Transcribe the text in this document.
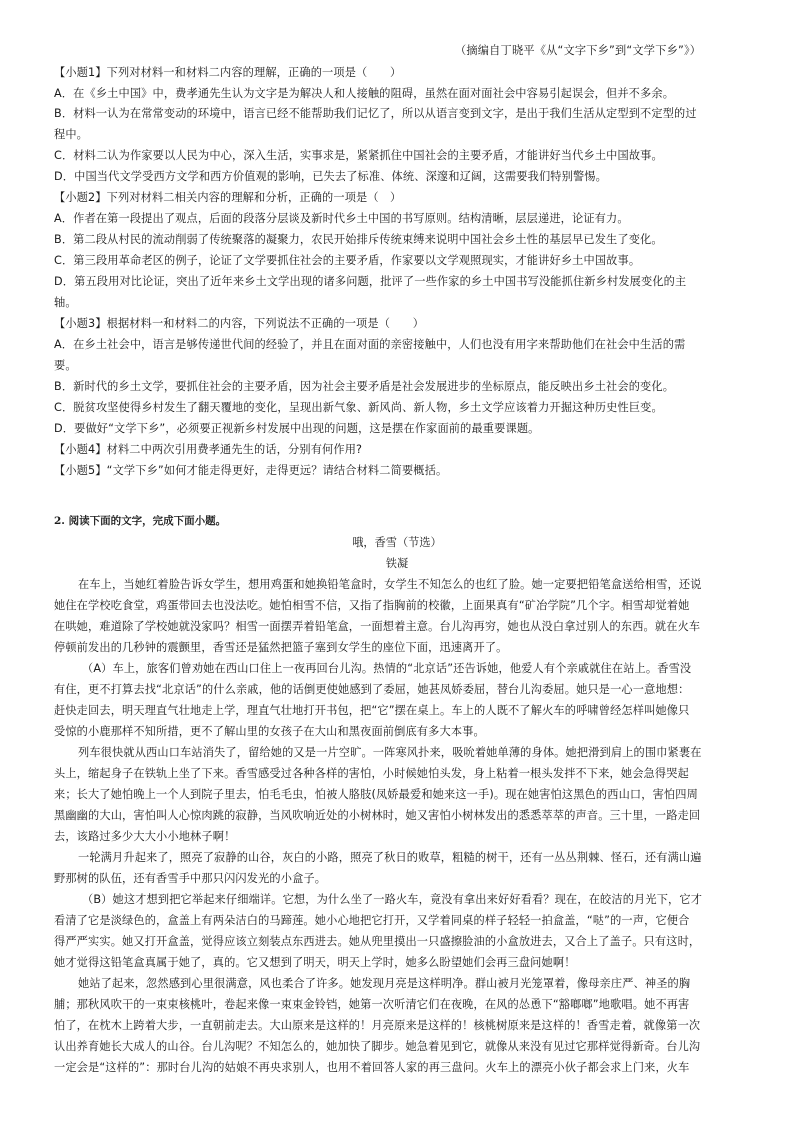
（摘编自丁晓平《从“文字下乡”到“文学下乡”》）

【小题1】下列对材料一和材料二内容的理解，正确的一项是（　　）

A．在《乡土中国》中，费孝通先生认为文字是为解决人和人接触的阻碍，虽然在面对面社会中容易引起误会，但并不多余。

B．材料一认为在常常变动的环境中，语言已经不能帮助我们记忆了，所以从语言变到文字，是出于我们生活从定型到不定型的过

程中。

C．材料二认为作家要以人民为中心，深入生活，实事求是，紧紧抓住中国社会的主要矛盾，才能讲好当代乡土中国故事。

D．中国当代文学受西方文学和西方价值观的影响，已失去了标准、体统、深邃和辽阔，这需要我们特别警惕。

【小题2】下列对材料二相关内容的理解和分析，正确的一项是（　）

A．作者在第一段提出了观点，后面的段落分层谈及新时代乡土中国的书写原则。结构清晰，层层递进，论证有力。

B．第二段从村民的流动削弱了传统聚落的凝聚力，农民开始排斥传统束缚来说明中国社会乡土性的基层早已发生了变化。

C．第三段用革命老区的例子，论证了文学要抓住社会的主要矛盾，作家要以文学观照现实，才能讲好乡土中国故事。

D．第五段用对比论证，突出了近年来乡土文学出现的诸多问题，批评了一些作家的乡土中国书写没能抓住新乡村发展变化的主

轴。

【小题3】根据材料一和材料二的内容，下列说法不正确的一项是（　　）

A．在乡土社会中，语言是够传递世代间的经验了，并且在面对面的亲密接触中，人们也没有用字来帮助他们在社会中生活的需

要。

B．新时代的乡土文学，要抓住社会的主要矛盾，因为社会主要矛盾是社会发展进步的坐标原点，能反映出乡土社会的变化。

C．脱贫攻坚使得乡村发生了翻天覆地的变化，呈现出新气象、新风尚、新人物，乡土文学应该着力开掘这种历史性巨变。

D．要做好“文学下乡”，必须要正视新乡村发展中出现的问题，这是摆在作家面前的最重要课题。

【小题4】材料二中两次引用费孝通先生的话，分别有何作用?

【小题5】“文学下乡”如何才能走得更好，走得更远？请结合材料二简要概括。

2. 阅读下面的文字，完成下面小题。

哦，香雪（节选）

铁凝

在车上，当她红着脸告诉女学生，想用鸡蛋和她换铅笔盒时，女学生不知怎么的也红了脸。她一定要把铅笔盒送给相雪，还说

她住在学校吃食堂，鸡蛋带回去也没法吃。她怕相雪不信，又指了指胸前的校徽，上面果真有“矿冶学院”几个字。相雪却觉着她

在哄她，难道除了学校她就没家吗？相雪一面摆弄着铅笔盒，一面想着主意。台儿沟再穷，她也从没白拿过别人的东西。就在火车

停顿前发出的几秒钟的震颤里，香雪还是猛然把篮子塞到女学生的座位下面，迅速离开了。

（A）车上，旅客们曾劝她在西山口住上一夜再回台儿沟。热情的“北京话”还告诉她，他爱人有个亲戚就住在站上。香雪没

有住，更不打算去找“北京话”的什么亲戚，他的话倒更使她感到了委屈，她甚凤娇委屈，替台儿沟委屈。她只是一心一意地想：

赶快走回去，明天理直气壮地走上学，理直气壮地打开书包，把“它”摆在桌上。车上的人既不了解火车的呼啸曾经怎样叫她像只

受惊的小鹿那样不知所措，更不了解山里的女孩子在大山和黑夜面前倒底有多大本事。

列车很快就从西山口车站消失了，留给她的又是一片空旷。一阵寒风扑来，吸吮着她单薄的身体。她把滑到肩上的围巾紧裹在

头上，缩起身子在铁轨上坐了下来。香雪感受过各种各样的害怕，小时候她怕头发，身上粘着一根头发拌不下来，她会急得哭起

来；长大了她怕晚上一个人到院子里去，怕毛毛虫，怕被人胳肢(凤娇最爱和她来这一手)。现在她害怕这黑色的西山口，害怕四周

黑幽幽的大山，害怕叫人心惊肉跳的寂静，当风吹响近处的小树林时，她又害怕小树林发出的悉悉萃萃的声音。三十里，一路走回

去，该路过多少大大小小地林子啊！

一轮满月升起来了，照亮了寂静的山谷，灰白的小路，照亮了秋日的败草，粗糙的树干，还有一丛丛荆棘、怪石，还有满山遍

野那树的队伍，还有香雪手中那只闪闪发光的小盒子。

（B）她这才想到把它举起来仔细端详。它想，为什么坐了一路火车，竟没有拿出来好好看看？现在，在皎洁的月光下，它才

看清了它是淡绿色的，盒盖上有两朵洁白的马蹄莲。她小心地把它打开，又学着同桌的样子轻轻一拍盒盖，“哒”的一声，它便合

得严严实实。她又打开盒盖，觉得应该立刻装点东西进去。她从兜里摸出一只盛擦脸油的小盒放进去，又合上了盖子。只有这时，

她才觉得这铅笔盒真属于她了，真的。它又想到了明天，明天上学时，她多么盼望她们会再三盘问她啊！

她站了起来，忽然感到心里很满意，风也柔合了许多。她发现月亮是这样明净。群山被月光笼罩着，像母亲庄严、神圣的胸

脯；那秋风吹干的一束束核桃叶，卷起来像一束束金铃铛，她第一次听清它们在夜晚，在风的怂恿下“豁啷啷”地歌唱。她不再害

怕了，在枕木上跨着大步，一直朝前走去。大山原来是这样的！月亮原来是这样的！核桃树原来是这样的！香雪走着，就像第一次

认出养育她长大成人的山谷。台儿沟呢？不知怎么的，她加快了脚步。她急着见到它，就像从来没有见过它那样觉得新奇。台儿沟

一定会是“这样的”：那时台儿沟的姑娘不再央求别人，也用不着回答人家的再三盘问。火车上的漂亮小伙子都会求上门来，火车
